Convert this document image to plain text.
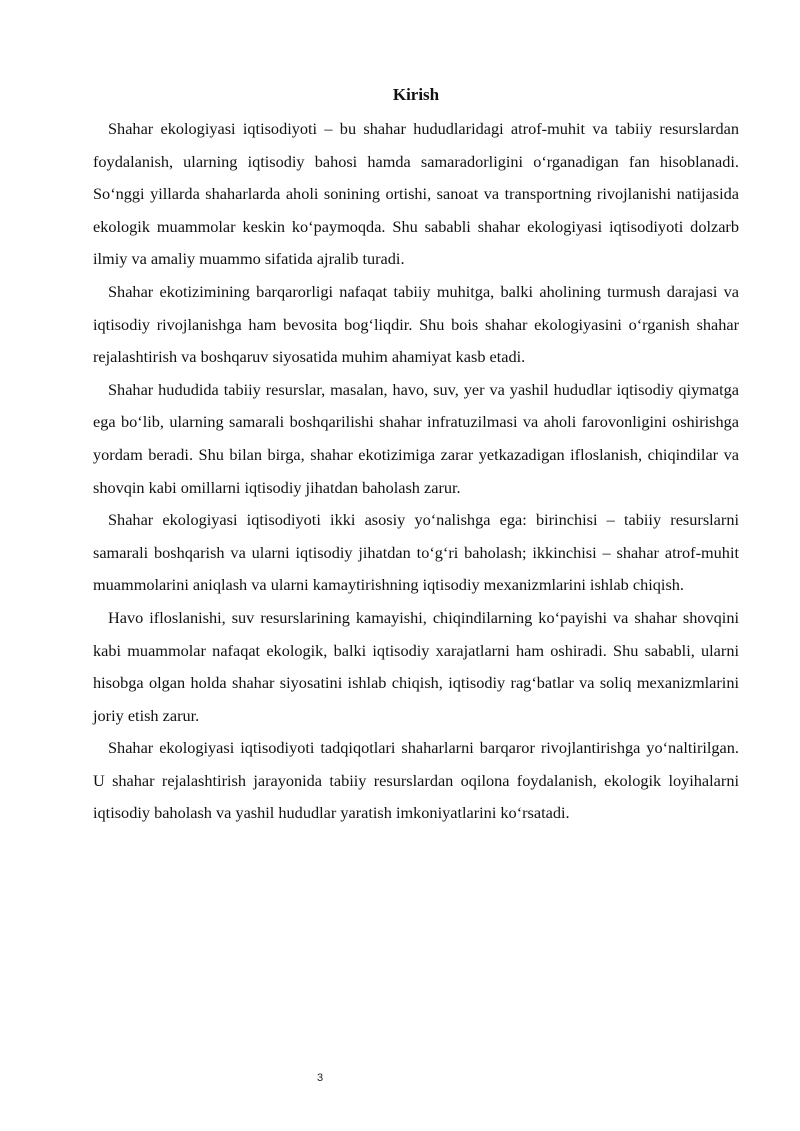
Kirish

Shahar ekologiyasi iqtisodiyoti – bu shahar hududlaridagi atrof-muhit va tabiiy resurslardan foydalanish, ularning iqtisodiy bahosi hamda samaradorligini o‘rganadigan fan hisoblanadi. So‘nggi yillarda shaharlarda aholi sonining ortishi, sanoat va transportning rivojlanishi natijasida ekologik muammolar keskin ko‘paymoqda. Shu sababli shahar ekologiyasi iqtisodiyoti dolzarb ilmiy va amaliy muammo sifatida ajralib turadi.

Shahar ekotizimining barqarorligi nafaqat tabiiy muhitga, balki aholining turmush darajasi va iqtisodiy rivojlanishga ham bevosita bog‘liqdir. Shu bois shahar ekologiyasini o‘rganish shahar rejalashtirish va boshqaruv siyosatida muhim ahamiyat kasb etadi.

Shahar hududida tabiiy resurslar, masalan, havo, suv, yer va yashil hududlar iqtisodiy qiymatga ega bo‘lib, ularning samarali boshqarilishi shahar infratuzilmasi va aholi farovonligini oshirishga yordam beradi. Shu bilan birga, shahar ekotizimiga zarar yetkazadigan ifloslanish, chiqindilar va shovqin kabi omillarni iqtisodiy jihatdan baholash zarur.

Shahar ekologiyasi iqtisodiyoti ikki asosiy yo‘nalishga ega: birinchisi – tabiiy resurslarni samarali boshqarish va ularni iqtisodiy jihatdan to‘g‘ri baholash; ikkinchisi – shahar atrof-muhit muammolarini aniqlash va ularni kamaytirishning iqtisodiy mexanizmlarini ishlab chiqish.

Havo ifloslanishi, suv resurslarining kamayishi, chiqindilarning ko‘payishi va shahar shovqini kabi muammolar nafaqat ekologik, balki iqtisodiy xarajatlarni ham oshiradi. Shu sababli, ularni hisobga olgan holda shahar siyosatini ishlab chiqish, iqtisodiy rag‘batlar va soliq mexanizmlarini joriy etish zarur.

Shahar ekologiyasi iqtisodiyoti tadqiqotlari shaharlarni barqaror rivojlantirishga yo‘naltirilgan. U shahar rejalashtirish jarayonida tabiiy resurslardan oqilona foydalanish, ekologik loyihalarni iqtisodiy baholash va yashil hududlar yaratish imkoniyatlarini ko‘rsatadi.

3
